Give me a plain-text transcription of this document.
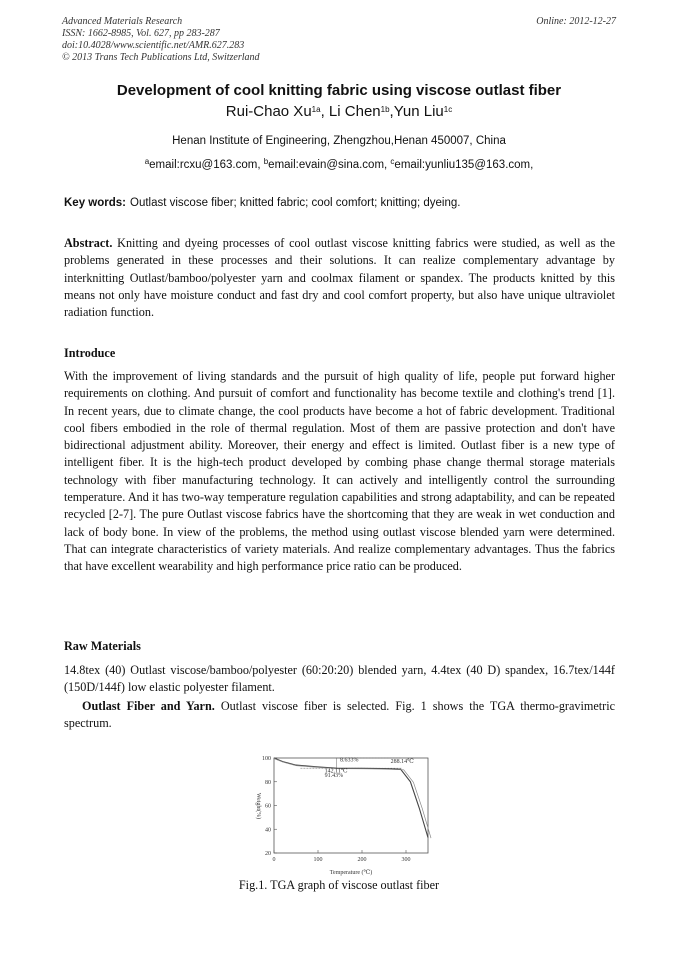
Advanced Materials Research
ISSN: 1662-8985, Vol. 627, pp 283-287
doi:10.4028/www.scientific.net/AMR.627.283
© 2013 Trans Tech Publications Ltd, Switzerland
Online: 2012-12-27
Development of cool knitting fabric using viscose outlast fiber
Rui-Chao $Xu^{1a}$, Li Chen$^{1b}$,Yun Liu$^{1c}$
Henan Institute of Engineering, Zhengzhou,Henan 450007, China
$^a$email:rcxu@163.com, $^b$email:evain@sina.com, $^c$email:yunliu135@163.com,
Key words: Outlast viscose fiber; knitted fabric; cool comfort; knitting; dyeing.
Abstract. Knitting and dyeing processes of cool outlast viscose knitting fabrics were studied, as well as the problems generated in these processes and their solutions. It can realize complementary advantage by interknitting Outlast/bamboo/polyester yarn and coolmax filament or spandex. The products knitted by this means not only have moisture conduct and fast dry and cool comfort property, but also have unique ultraviolet radiation function.
Introduce
With the improvement of living standards and the pursuit of high quality of life, people put forward higher requirements on clothing. And pursuit of comfort and functionality has become textile and clothing's trend [1]. In recent years, due to climate change, the cool products have become a hot of fabric development. Traditional cool fibers embodied in the role of thermal regulation. Most of them are passive protection and don't have bidirectional adjustment ability. Moreover, their energy and effect is limited. Outlast fiber is a new type of intelligent fiber. It is the high-tech product developed by combing phase change thermal storage materials technology with fiber manufacturing technology. It can actively and intelligently control the surrounding temperature. And it has two-way temperature regulation capabilities and strong adaptability, and can be repeated recycled [2-7]. The pure Outlast viscose fabrics have the shortcoming that they are weak in wet conduction and lack of body bone. In view of the problems, the method using outlast viscose blended yarn were determined. That can integrate characteristics of variety materials. And realize complementary advantages. Thus the fabrics that have excellent wearability and high performance price ratio can be produced.
Raw Materials
14.8tex (40) Outlast viscose/bamboo/polyester (60:20:20) blended yarn, 4.4tex (40 D) spandex, 16.7tex/144f (150D/144f) low elastic polyester filament.
Outlast Fiber and Yarn. Outlast viscose fiber is selected. Fig. 1 shows the TGA thermo-gravimetric spectrum.
100
80
60
40
20
0	100	200	300
8.633%
142.11℃
91.43%
288.14℃
Temperature (℃)
Weight(%)
Fig.1. TGA graph of viscose outlast fiber
